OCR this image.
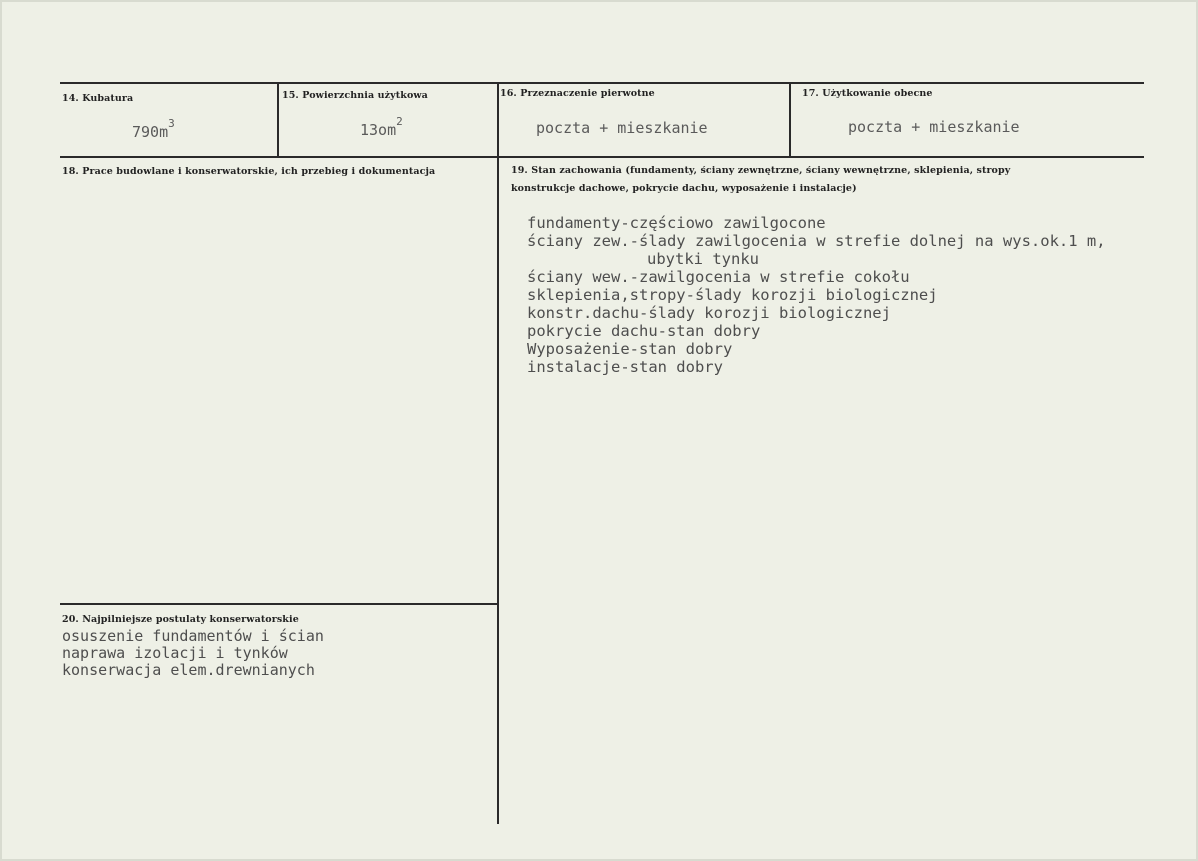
14. Kubatura
$790m^3$
15. Powierzchnia użytkowa
$13om^2$
16. Przeznaczenie pierwotne
poczta + mieszkanie
17. Użytkowanie obecne
poczta + mieszkanie
18. Prace budowlane i konserwatorskie, ich przebieg i dokumentacja	19. Stan zachowania (fundamenty, ściany zewnętrzne, ściany wewnętrzne, sklepienia, stropy konstrukcje dachowe, pokrycie dachu, wyposażenie i instalacje)
fundamenty-częściowo zawilgocone
ściany zew.-ślady zawilgocenia w strefie dolnej na wys.ok.1 m,
ubytki tynku
ściany wew.-zawilgocenia w strefie cokołu
sklepienia,stropy-ślady korozji biologicznej
konstr.dachu-ślady korozji biologicznej
pokrycie dachu-stan dobry
Wyposażenie-stan dobry
instalacje-stan dobry
20. Najpilniejsze postulaty konserwatorskie
osuszenie fundamentów i ścian
naprawa izolacji i tynków
konserwacja elem.drewnianych
